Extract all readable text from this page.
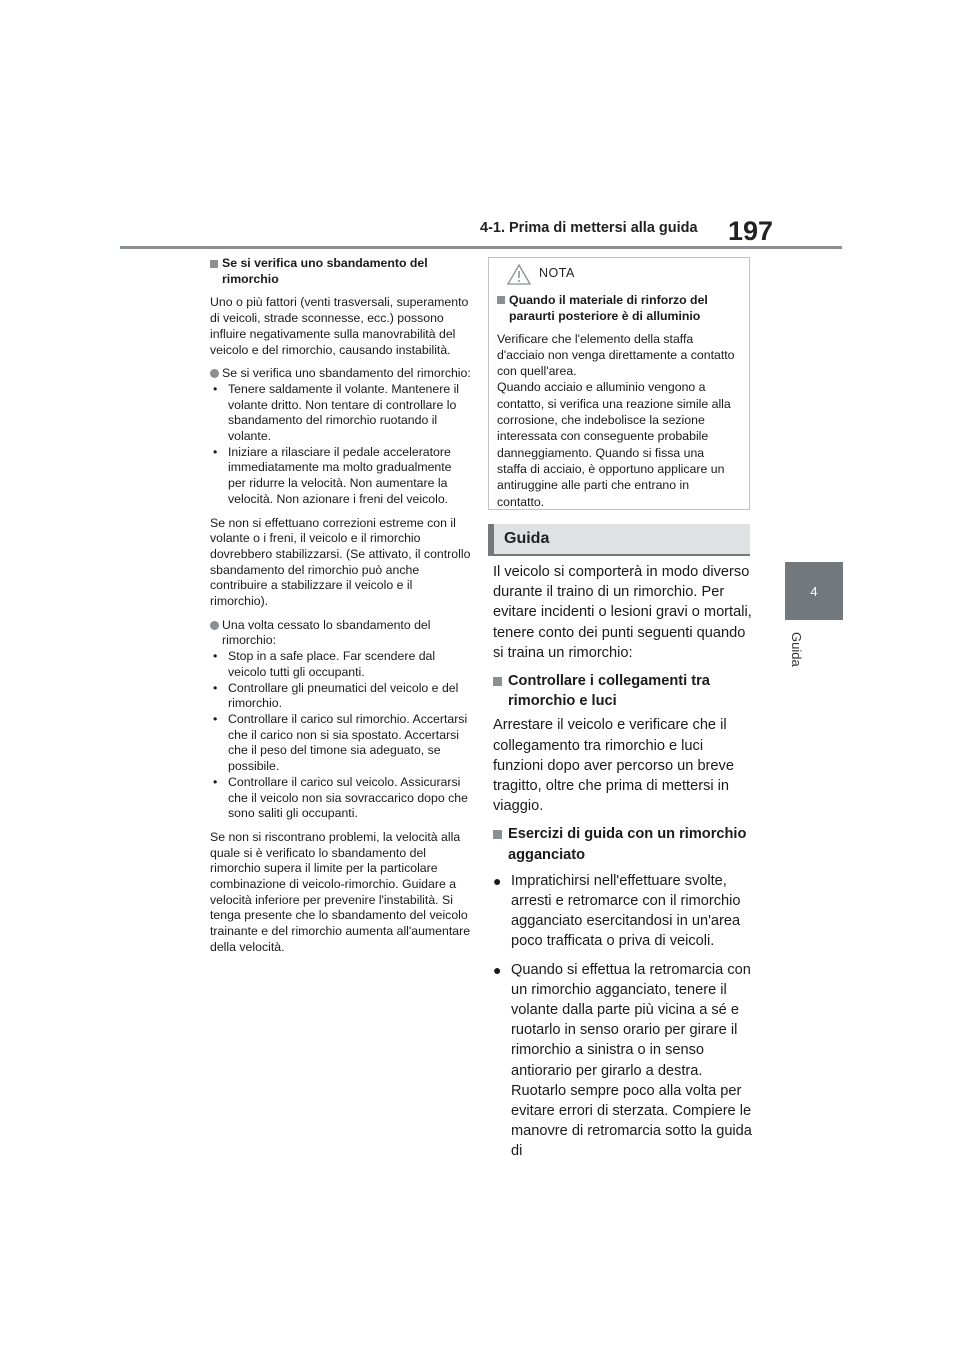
4-1. Prima di mettersi alla guida 197
4
Guida
Se si verifica uno sbandamento del rimorchio

Uno o più fattori (venti trasversali, superamento di veicoli, strade sconnesse, ecc.) possono influire negativamente sulla manovrabilità del veicolo e del rimorchio, causando instabilità.

Se si verifica uno sbandamento del rimorchio:
• Tenere saldamente il volante. Mantenere il volante dritto. Non tentare di controllare lo sbandamento del rimorchio ruotando il volante.
• Iniziare a rilasciare il pedale acceleratore immediatamente ma molto gradualmente per ridurre la velocità. Non aumentare la velocità. Non azionare i freni del veicolo.

Se non si effettuano correzioni estreme con il volante o i freni, il veicolo e il rimorchio dovrebbero stabilizzarsi. (Se attivato, il controllo sbandamento del rimorchio può anche contribuire a stabilizzare il veicolo e il rimorchio).

Una volta cessato lo sbandamento del rimorchio:
• Stop in a safe place. Far scendere dal veicolo tutti gli occupanti.
• Controllare gli pneumatici del veicolo e del rimorchio.
• Controllare il carico sul rimorchio. Accertarsi che il carico non si sia spostato. Accertarsi che il peso del timone sia adeguato, se possibile.
• Controllare il carico sul veicolo. Assicurarsi che il veicolo non sia sovraccarico dopo che sono saliti gli occupanti.

Se non si riscontrano problemi, la velocità alla quale si è verificato lo sbandamento del rimorchio supera il limite per la particolare combinazione di veicolo-rimorchio. Guidare a velocità inferiore per prevenire l'instabilità. Si tenga presente che lo sbandamento del veicolo trainante e del rimorchio aumenta all'aumentare della velocità.

NOTA
Quando il materiale di rinforzo del paraurti posteriore è di alluminio

Verificare che l'elemento della staffa d'acciaio non venga direttamente a contatto con quell'area.

Quando acciaio e alluminio vengono a contatto, si verifica una reazione simile alla corrosione, che indebolisce la sezione interessata con conseguente probabile danneggiamento. Quando si fissa una staffa di acciaio, è opportuno applicare un antiruggine alle parti che entrano in contatto.

Guida

Il veicolo si comporterà in modo diverso durante il traino di un rimorchio. Per evitare incidenti o lesioni gravi o mortali, tenere conto dei punti seguenti quando si traina un rimorchio:

Controllare i collegamenti tra rimorchio e luci

Arrestare il veicolo e verificare che il collegamento tra rimorchio e luci funzioni dopo aver percorso un breve tragitto, oltre che prima di mettersi in viaggio.

Esercizi di guida con un rimorchio agganciato
● Impratichirsi nell'effettuare svolte, arresti e retromarce con il rimorchio agganciato esercitandosi in un'area poco trafficata o priva di veicoli.
● Quando si effettua la retromarcia con un rimorchio agganciato, tenere il volante dalla parte più vicina a sé e ruotarlo in senso orario per girare il rimorchio a sinistra o in senso antiorario per girarlo a destra. Ruotarlo sempre poco alla volta per evitare errori di sterzata. Compiere le manovre di retromarcia sotto la guida di
